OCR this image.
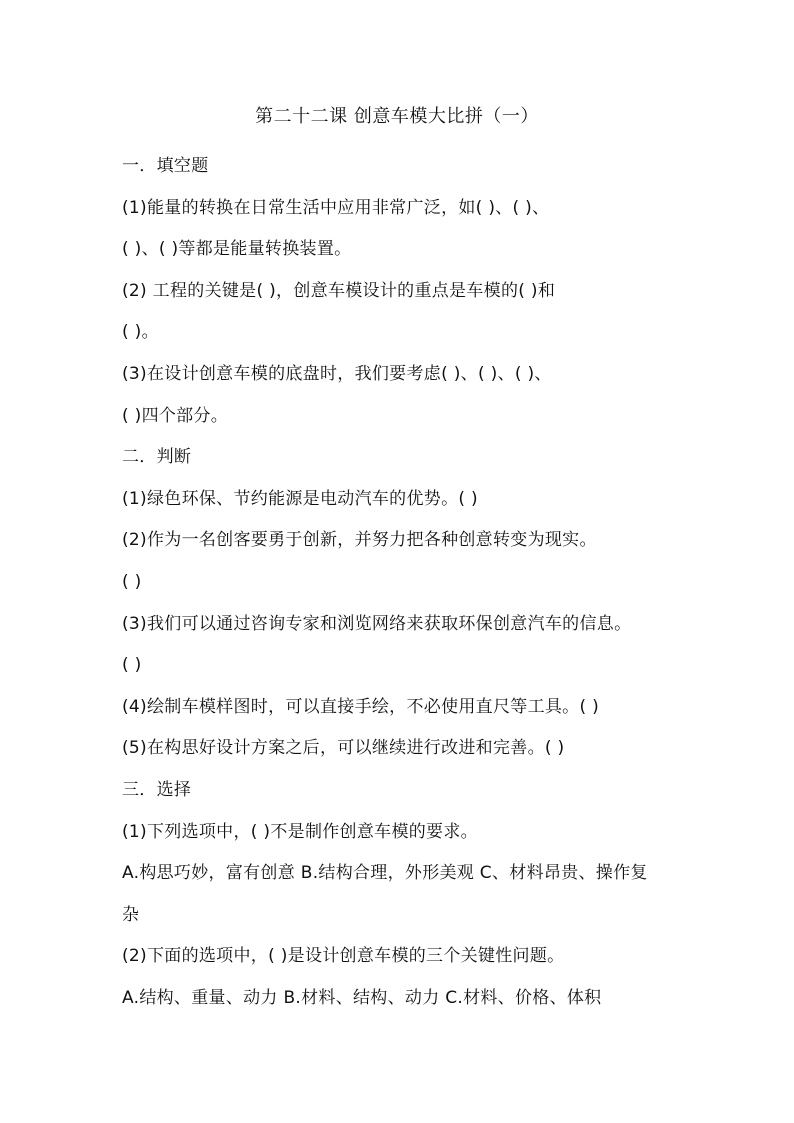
第二十二课 创意车模大比拼（一）
一．填空题
(1)能量的转换在日常生活中应用非常广泛，如( )、( )、
( )、( )等都是能量转换装置。
(2) 工程的关键是( )，创意车模设计的重点是车模的( )和
( )。
(3)在设计创意车模的底盘时，我们要考虑( )、( )、( )、
( )四个部分。
二．判断
(1)绿色环保、节约能源是电动汽车的优势。( )
(2)作为一名创客要勇于创新，并努力把各种创意转变为现实。
( )
(3)我们可以通过咨询专家和浏览网络来获取环保创意汽车的信息。
( )
(4)绘制车模样图时，可以直接手绘，不必使用直尺等工具。( )
(5)在构思好设计方案之后，可以继续进行改进和完善。( )
三．选择
(1)下列选项中，( )不是制作创意车模的要求。
A.构思巧妙，富有创意 B.结构合理，外形美观 C、材料昂贵、操作复
杂
(2)下面的选项中，( )是设计创意车模的三个关键性问题。
A.结构、重量、动力 B.材料、结构、动力 C.材料、价格、体积
